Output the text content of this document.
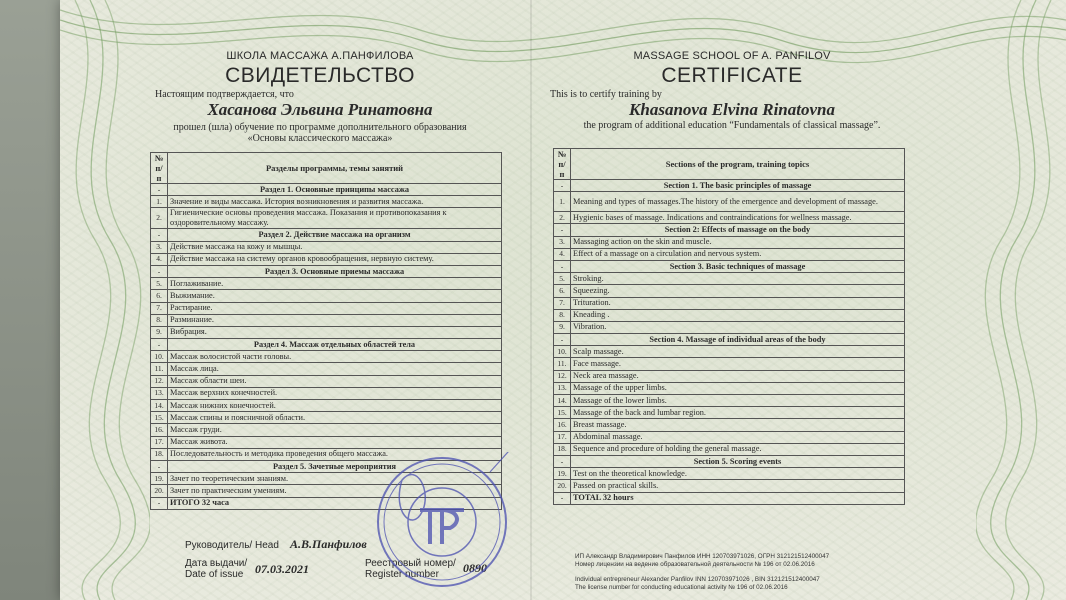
ШКОЛА МАССАЖА А.ПАНФИЛОВА
СВИДЕТЕЛЬСТВО
Настоящим подтверждается, что
Хасанова Эльвина Ринатовна
прошел (шла) обучение по программе дополнительного образования
«Основы классического массажа»
№ п/п	Разделы программы, темы занятий
-	Раздел 1. Основные принципы массажа
1.	Значение и виды массажа. История возникновения и развития массажа.
2.	Гигиенические основы проведения массажа. Показания и противопоказания к оздоровительному массажу.
-	Раздел 2. Действие массажа на организм
3.	Действие массажа на кожу и мышцы.
4.	Действие массажа на систему органов кровообращения, нервную систему.
-	Раздел 3. Основные приемы массажа
5.	Поглаживание.
6.	Выжимание.
7.	Растирание.
8.	Разминание.
9.	Вибрация.
-	Раздел 4. Массаж отдельных областей тела
10.	Массаж волосистой части головы.
11.	Массаж лица.
12.	Массаж области шеи.
13.	Массаж верхних конечностей.
14.	Массаж нижних конечностей.
15.	Массаж спины и поясничной области.
16.	Массаж груди.
17.	Массаж живота.
18.	Последовательность и методика проведения общего массажа.
-	Раздел 5. Зачетные мероприятия
19.	Зачет по теоретическим знаниям.
20.	Зачет по практическим умениям.
-	ИТОГО 32 часа
Руководитель/ Head А.В.Панфилов
Дата выдачи/
Date of issue 07.03.2021	Реестровый номер/
Register number	0890
MASSAGE SCHOOL OF A. PANFILOV
CERTIFICATE
This is to certify training by
Khasanova Elvina Rinatovna
the program of additional education “Fundamentals of classical massage”.
№ п/п	Sections of the program, training topics
-	Section 1. The basic principles of massage
1.	Meaning and types of massages.The history of the emergence and development of massage.
2.	Hygienic bases of massage. Indications and contraindications for wellness massage.
-	Section 2: Effects of massage on the body
3.	Massaging action on the skin and muscle.
4.	Effect of a massage on a circulation and nervous system.
-	Section 3. Basic techniques of massage
5.	Stroking.
6.	Squeezing.
7.	Trituration.
8.	Kneading .
9.	Vibration.
-	Section 4. Massage of individual areas of the body
10.	Scalp massage.
11.	Face massage.
12.	Neck area massage.
13.	Massage of the upper limbs.
14.	Massage of the lower limbs.
15.	Massage of the back and lumbar region.
16.	Breast massage.
17.	Abdominal massage.
18.	Sequence and procedure of holding the general massage.
-	Section 5. Scoring events
19.	Test on the theoretical knowledge.
20.	Passed on practical skills.
-	TOTAL 32 hours
ИП Александр Владимирович Панфилов ИНН 120703971026, ОГРН 312121512400047
Номер лицензии на ведение образовательной деятельности № 196 от 02.06.2016
Individual entrepreneur Alexander Panfilov INN 120703971026 , BIN 312121512400047
The license number for conducting educational activity № 196 of 02.06.2016
